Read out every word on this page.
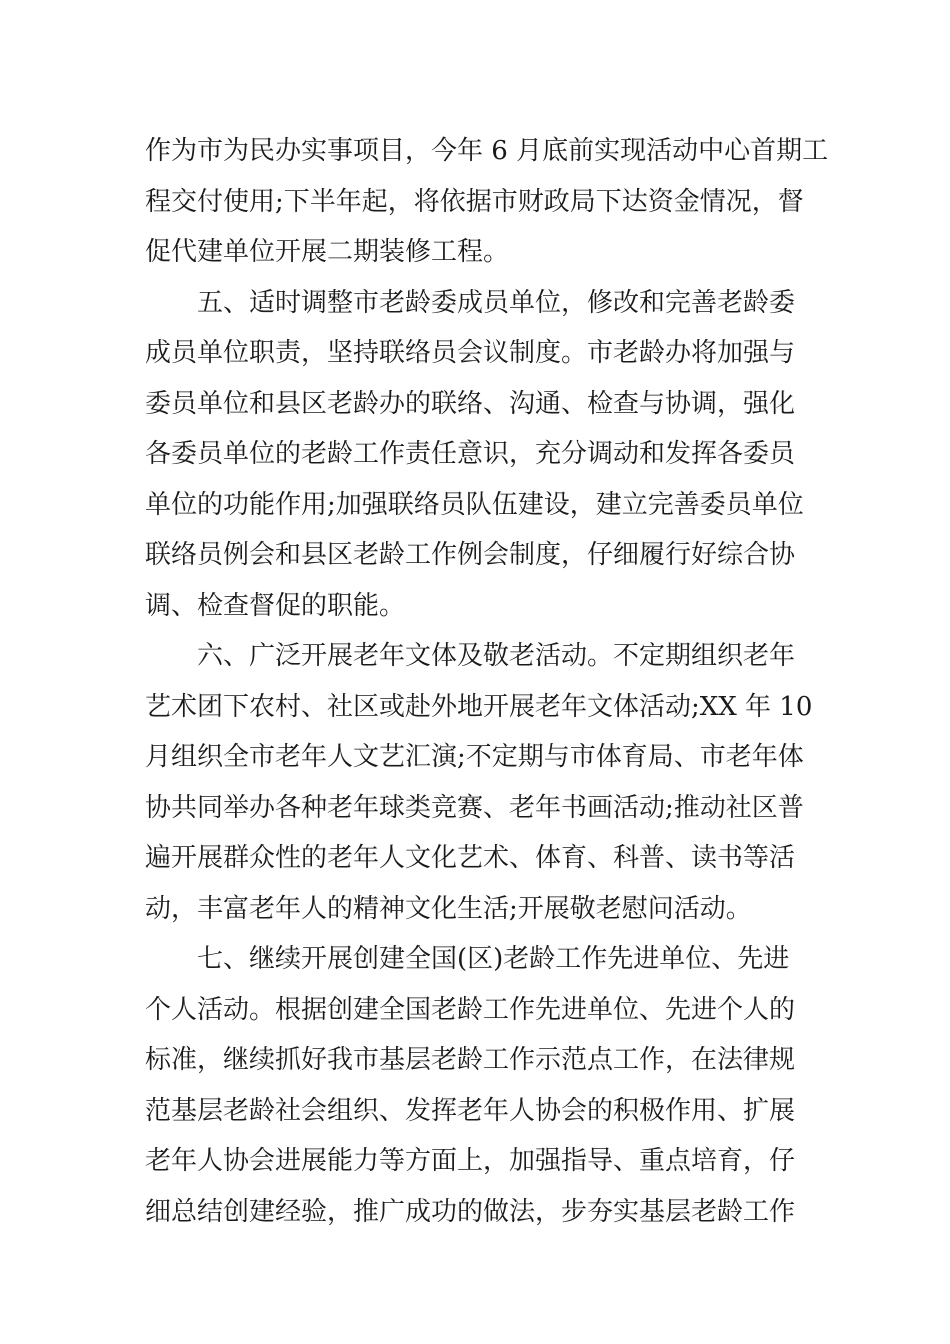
作为市为民办实事项目，今年 6 月底前实现活动中心首期工
程交付使用;下半年起，将依据市财政局下达资金情况，督
促代建单位开展二期装修工程。
五、适时调整市老龄委成员单位，修改和完善老龄委
成员单位职责，坚持联络员会议制度。市老龄办将加强与
委员单位和县区老龄办的联络、沟通、检查与协调，强化
各委员单位的老龄工作责任意识，充分调动和发挥各委员
单位的功能作用;加强联络员队伍建设，建立完善委员单位
联络员例会和县区老龄工作例会制度，仔细履行好综合协
调、检查督促的职能。
六、广泛开展老年文体及敬老活动。不定期组织老年
艺术团下农村、社区或赴外地开展老年文体活动;XX 年 10
月组织全市老年人文艺汇演;不定期与市体育局、市老年体
协共同举办各种老年球类竞赛、老年书画活动;推动社区普
遍开展群众性的老年人文化艺术、体育、科普、读书等活
动，丰富老年人的精神文化生活;开展敬老慰问活动。
七、继续开展创建全国(区)老龄工作先进单位、先进
个人活动。根据创建全国老龄工作先进单位、先进个人的
标准，继续抓好我市基层老龄工作示范点工作，在法律规
范基层老龄社会组织、发挥老年人协会的积极作用、扩展
老年人协会进展能力等方面上，加强指导、重点培育，仔
细总结创建经验，推广成功的做法，步夯实基层老龄工作
